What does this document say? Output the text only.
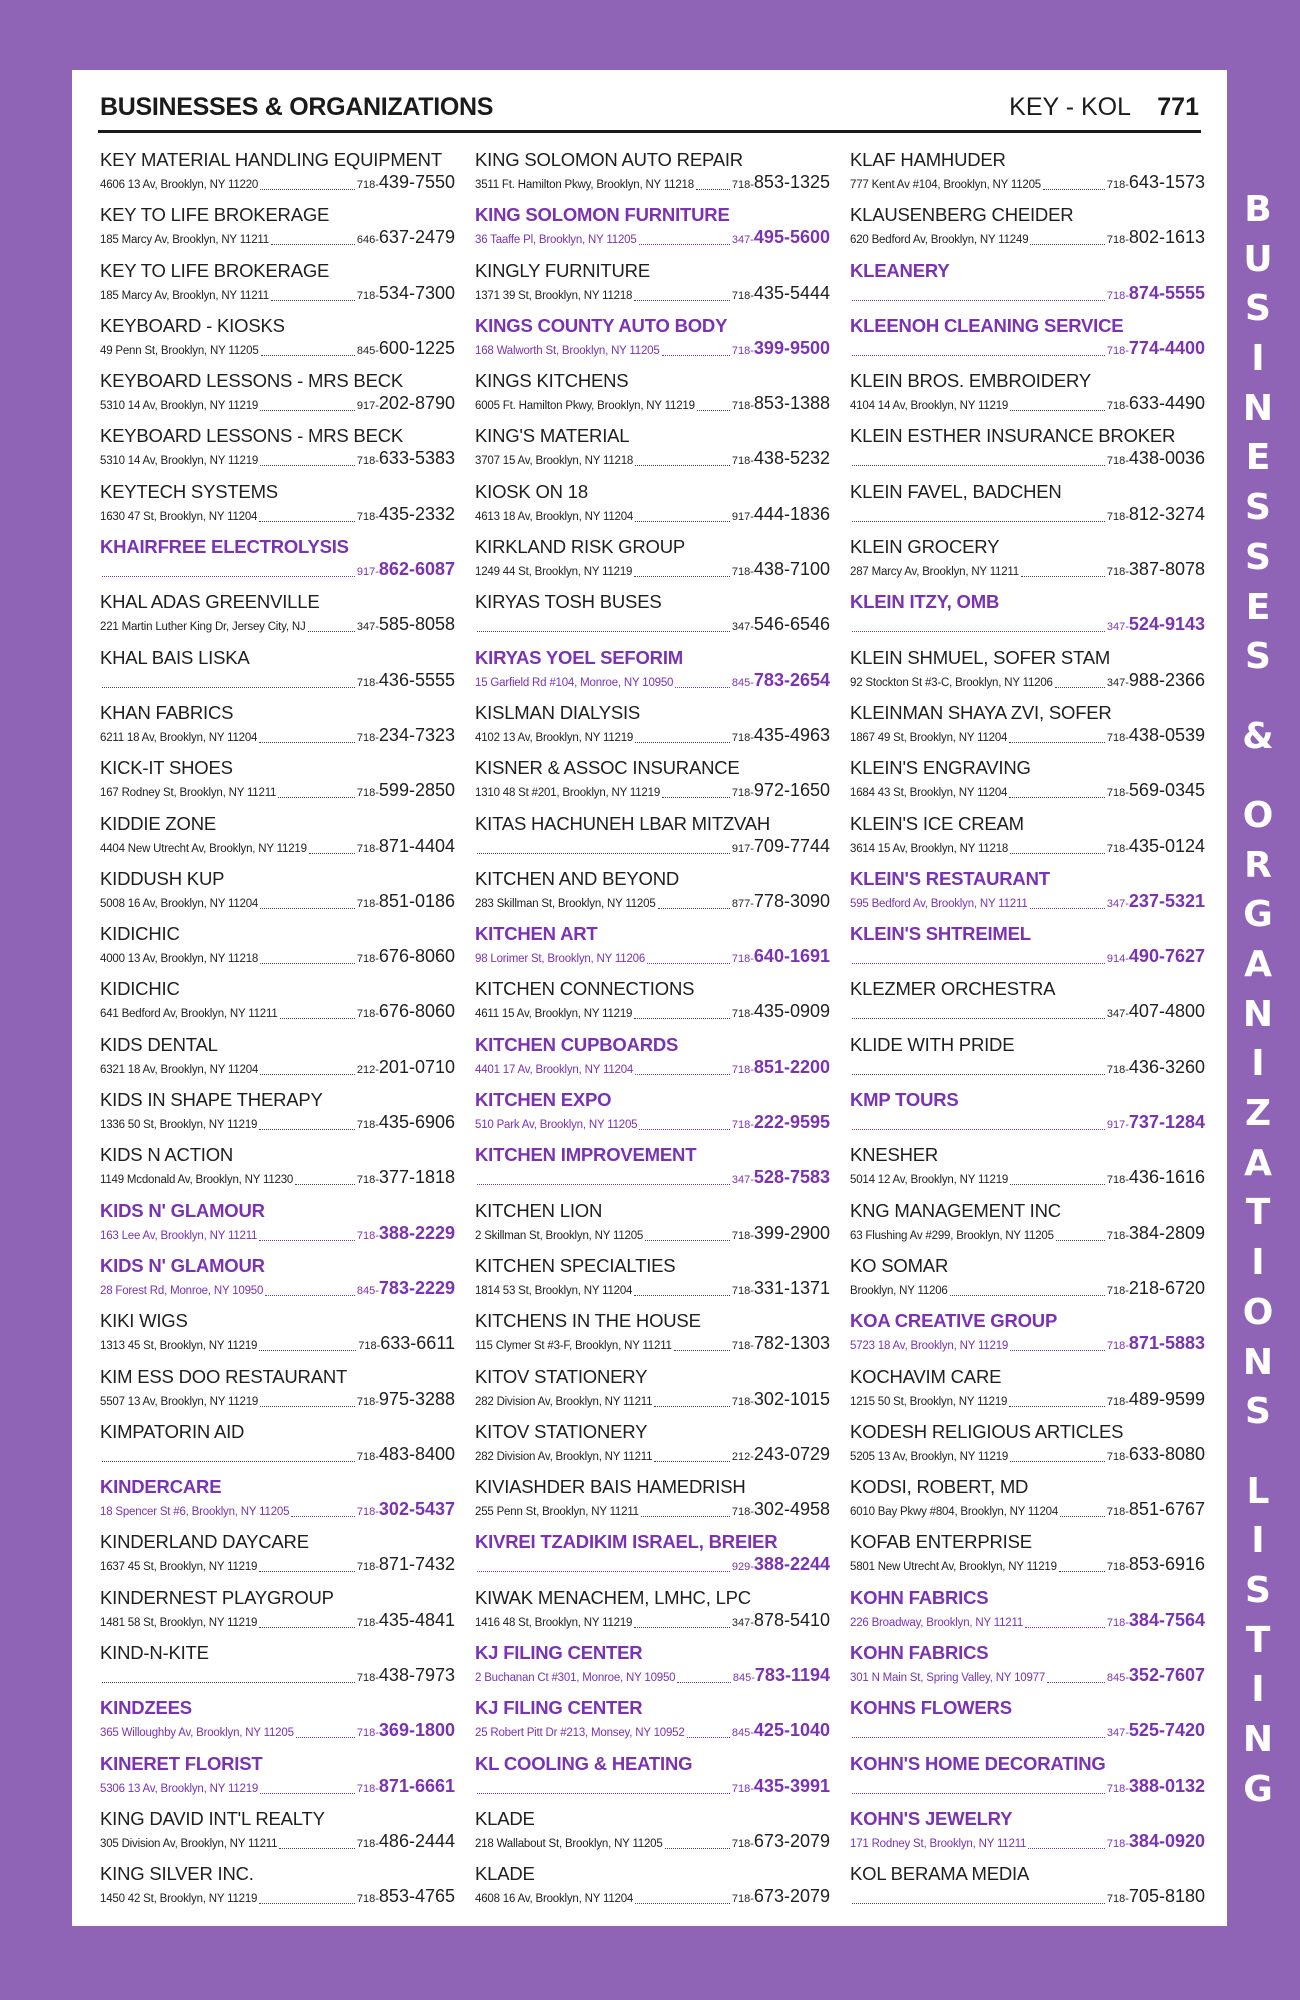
BUSINESSES & ORGANIZATIONS	KEY - KOL 771
KEY MATERIAL HANDLING EQUIPMENT
4606 13 Av, Brooklyn, NY 11220	718-439-7550
KEY TO LIFE BROKERAGE
185 Marcy Av, Brooklyn, NY 11211	646-637-2479
KEY TO LIFE BROKERAGE
185 Marcy Av, Brooklyn, NY 11211	718-534-7300
KEYBOARD - KIOSKS
49 Penn St, Brooklyn, NY 11205	845-600-1225
KEYBOARD LESSONS - MRS BECK
5310 14 Av, Brooklyn, NY 11219	917-202-8790
KEYBOARD LESSONS - MRS BECK
5310 14 Av, Brooklyn, NY 11219	718-633-5383
KEYTECH SYSTEMS
1630 47 St, Brooklyn, NY 11204	718-435-2332
KHAIRFREE ELECTROLYSIS
917-862-6087
KHAL ADAS GREENVILLE
221 Martin Luther King Dr, Jersey City, NJ	347-585-8058
KHAL BAIS LISKA
718-436-5555
KHAN FABRICS
6211 18 Av, Brooklyn, NY 11204	718-234-7323
KICK-IT SHOES
167 Rodney St, Brooklyn, NY 11211	718-599-2850
KIDDIE ZONE
4404 New Utrecht Av, Brooklyn, NY 11219	718-871-4404
KIDDUSH KUP
5008 16 Av, Brooklyn, NY 11204	718-851-0186
KIDICHIC
4000 13 Av, Brooklyn, NY 11218	718-676-8060
KIDICHIC
641 Bedford Av, Brooklyn, NY 11211	718-676-8060
KIDS DENTAL
6321 18 Av, Brooklyn, NY 11204	212-201-0710
KIDS IN SHAPE THERAPY
1336 50 St, Brooklyn, NY 11219	718-435-6906
KIDS N ACTION
1149 Mcdonald Av, Brooklyn, NY 11230	718-377-1818
KIDS N' GLAMOUR
163 Lee Av, Brooklyn, NY 11211	718-388-2229
KIDS N' GLAMOUR
28 Forest Rd, Monroe, NY 10950	845-783-2229
KIKI WIGS
1313 45 St, Brooklyn, NY 11219	718-633-6611
KIM ESS DOO RESTAURANT
5507 13 Av, Brooklyn, NY 11219	718-975-3288
KIMPATORIN AID
718-483-8400
KINDERCARE
18 Spencer St #6, Brooklyn, NY 11205	718-302-5437
KINDERLAND DAYCARE
1637 45 St, Brooklyn, NY 11219	718-871-7432
KINDERNEST PLAYGROUP
1481 58 St, Brooklyn, NY 11219	718-435-4841
KIND-N-KITE
718-438-7973
KINDZEES
365 Willoughby Av, Brooklyn, NY 11205	718-369-1800
KINERET FLORIST
5306 13 Av, Brooklyn, NY 11219	718-871-6661
KING DAVID INT'L REALTY
305 Division Av, Brooklyn, NY 11211	718-486-2444
KING SILVER INC.
1450 42 St, Brooklyn, NY 11219	718-853-4765
KING SOLOMON AUTO REPAIR
3511 Ft. Hamilton Pkwy, Brooklyn, NY 11218	718-853-1325
KING SOLOMON FURNITURE
36 Taaffe Pl, Brooklyn, NY 11205	347-495-5600
KINGLY FURNITURE
1371 39 St, Brooklyn, NY 11218	718-435-5444
KINGS COUNTY AUTO BODY
168 Walworth St, Brooklyn, NY 11205	718-399-9500
KINGS KITCHENS
6005 Ft. Hamilton Pkwy, Brooklyn, NY 11219	718-853-1388
KING'S MATERIAL
3707 15 Av, Brooklyn, NY 11218	718-438-5232
KIOSK ON 18
4613 18 Av, Brooklyn, NY 11204	917-444-1836
KIRKLAND RISK GROUP
1249 44 St, Brooklyn, NY 11219	718-438-7100
KIRYAS TOSH BUSES
347-546-6546
KIRYAS YOEL SEFORIM
15 Garfield Rd #104, Monroe, NY 10950	845-783-2654
KISLMAN DIALYSIS
4102 13 Av, Brooklyn, NY 11219	718-435-4963
KISNER & ASSOC INSURANCE
1310 48 St #201, Brooklyn, NY 11219	718-972-1650
KITAS HACHUNEH LBAR MITZVAH
917-709-7744
KITCHEN AND BEYOND
283 Skillman St, Brooklyn, NY 11205	877-778-3090
KITCHEN ART
98 Lorimer St, Brooklyn, NY 11206	718-640-1691
KITCHEN CONNECTIONS
4611 15 Av, Brooklyn, NY 11219	718-435-0909
KITCHEN CUPBOARDS
4401 17 Av, Brooklyn, NY 11204	718-851-2200
KITCHEN EXPO
510 Park Av, Brooklyn, NY 11205	718-222-9595
KITCHEN IMPROVEMENT
347-528-7583
KITCHEN LION
2 Skillman St, Brooklyn, NY 11205	718-399-2900
KITCHEN SPECIALTIES
1814 53 St, Brooklyn, NY 11204	718-331-1371
KITCHENS IN THE HOUSE
115 Clymer St #3-F, Brooklyn, NY 11211	718-782-1303
KITOV STATIONERY
282 Division Av, Brooklyn, NY 11211	718-302-1015
KITOV STATIONERY
282 Division Av, Brooklyn, NY 11211	212-243-0729
KIVIASHDER BAIS HAMEDRISH
255 Penn St, Brooklyn, NY 11211	718-302-4958
KIVREI TZADIKIM ISRAEL, BREIER
929-388-2244
KIWAK MENACHEM, LMHC, LPC
1416 48 St, Brooklyn, NY 11219	347-878-5410
KJ FILING CENTER
2 Buchanan Ct #301, Monroe, NY 10950	845-783-1194
KJ FILING CENTER
25 Robert Pitt Dr #213, Monsey, NY 10952	845-425-1040
KL COOLING & HEATING
718-435-3991
KLADE
218 Wallabout St, Brooklyn, NY 11205	718-673-2079
KLADE
4608 16 Av, Brooklyn, NY 11204	718-673-2079
KLAF HAMHUDER
777 Kent Av #104, Brooklyn, NY 11205	718-643-1573
KLAUSENBERG CHEIDER
620 Bedford Av, Brooklyn, NY 11249	718-802-1613
KLEANERY
718-874-5555
KLEENOH CLEANING SERVICE
718-774-4400
KLEIN BROS. EMBROIDERY
4104 14 Av, Brooklyn, NY 11219	718-633-4490
KLEIN ESTHER INSURANCE BROKER
718-438-0036
KLEIN FAVEL, BADCHEN
718-812-3274
KLEIN GROCERY
287 Marcy Av, Brooklyn, NY 11211	718-387-8078
KLEIN ITZY, OMB
347-524-9143
KLEIN SHMUEL, SOFER STAM
92 Stockton St #3-C, Brooklyn, NY 11206	347-988-2366
KLEINMAN SHAYA ZVI, SOFER
1867 49 St, Brooklyn, NY 11204	718-438-0539
KLEIN'S ENGRAVING
1684 43 St, Brooklyn, NY 11204	718-569-0345
KLEIN'S ICE CREAM
3614 15 Av, Brooklyn, NY 11218	718-435-0124
KLEIN'S RESTAURANT
595 Bedford Av, Brooklyn, NY 11211	347-237-5321
KLEIN'S SHTREIMEL
914-490-7627
KLEZMER ORCHESTRA
347-407-4800
KLIDE WITH PRIDE
718-436-3260
KMP TOURS
917-737-1284
KNESHER
5014 12 Av, Brooklyn, NY 11219	718-436-1616
KNG MANAGEMENT INC
63 Flushing Av #299, Brooklyn, NY 11205	718-384-2809
KO SOMAR
Brooklyn, NY 11206	718-218-6720
KOA CREATIVE GROUP
5723 18 Av, Brooklyn, NY 11219	718-871-5883
KOCHAVIM CARE
1215 50 St, Brooklyn, NY 11219	718-489-9599
KODESH RELIGIOUS ARTICLES
5205 13 Av, Brooklyn, NY 11219	718-633-8080
KODSI, ROBERT, MD
6010 Bay Pkwy #804, Brooklyn, NY 11204	718-851-6767
KOFAB ENTERPRISE
5801 New Utrecht Av, Brooklyn, NY 11219	718-853-6916
KOHN FABRICS
226 Broadway, Brooklyn, NY 11211	718-384-7564
KOHN FABRICS
301 N Main St, Spring Valley, NY 10977	845-352-7607
KOHNS FLOWERS
347-525-7420
KOHN'S HOME DECORATING
718-388-0132
KOHN'S JEWELRY
171 Rodney St, Brooklyn, NY 11211	718-384-0920
KOL BERAMA MEDIA
718-705-8180
B
U
S
I
N
E
S
S
E
S
&
O
R
G
A
N
I
Z
A
T
I
O
N
S
L
I
S
T
I
N
G
